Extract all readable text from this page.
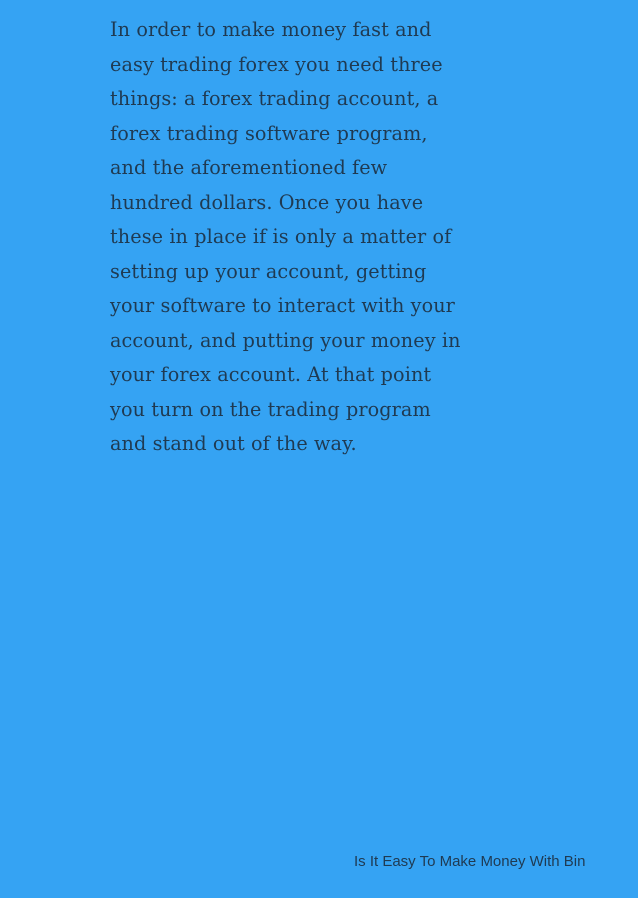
In order to make money fast and
easy trading forex you need three
things: a forex trading account, a
forex trading software program,
and the aforementioned few
hundred dollars. Once you have
these in place if is only a matter of
setting up your account, getting
your software to interact with your
account, and putting your money in
your forex account. At that point
you turn on the trading program
and stand out of the way.

Is It Easy To Make Money With Bin
